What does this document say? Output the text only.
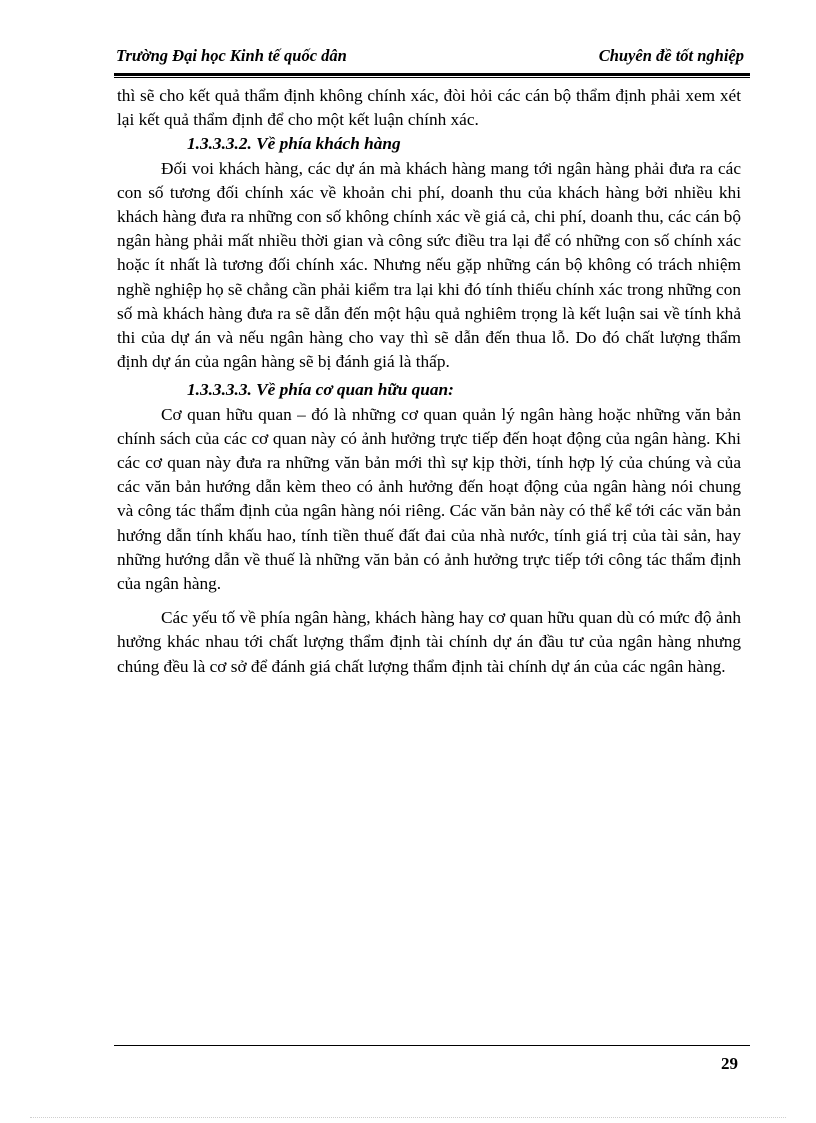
Trường Đại học Kinh tế quốc dân	Chuyên đề tốt nghiệp

thì sẽ cho kết quả thẩm định không chính xác, đòi hỏi các cán bộ thẩm định phải xem xét lại kết quả thẩm định để cho một kết luận chính xác.

1.3.3.3.2. Về phía khách hàng

Đối voi khách hàng, các dự án mà khách hàng mang tới ngân hàng phải đưa ra các con số tương đối chính xác về khoản chi phí, doanh thu của khách hàng bởi nhiều khi khách hàng đưa ra những con số không chính xác về giá cả, chi phí, doanh thu, các cán bộ ngân hàng phải mất nhiều thời gian và công sức điều tra lại để có những con số chính xác hoặc ít nhất là tương đối chính xác. Nhưng nếu gặp những cán bộ không có trách nhiệm nghề nghiệp họ sẽ chẳng cần phải kiểm tra lại khi đó tính thiếu chính xác trong những con số mà khách hàng đưa ra sẽ dẫn đến một hậu quả nghiêm trọng là kết luận sai về tính khả thi của dự án và nếu ngân hàng cho vay thì sẽ dẫn đến thua lỗ. Do đó chất lượng thẩm định dự án của ngân hàng sẽ bị đánh giá là thấp.

1.3.3.3.3. Về phía cơ quan hữu quan:

Cơ quan hữu quan – đó là những cơ quan quản lý ngân hàng hoặc những văn bản chính sách của các cơ quan này có ảnh hưởng trực tiếp đến hoạt động của ngân hàng. Khi các cơ quan này đưa ra những văn bản mới thì sự kịp thời, tính hợp lý của chúng và của các văn bản hướng dẫn kèm theo có ảnh hưởng đến hoạt động của ngân hàng nói chung và công tác thẩm định của ngân hàng nói riêng. Các văn bản này có thể kể tới các văn bản hướng dẫn tính khấu hao, tính tiền thuế đất đai của nhà nước, tính giá trị của tài sản, hay những hướng dẫn về thuế là những văn bản có ảnh hưởng trực tiếp tới công tác thẩm định của ngân hàng.

Các yếu tố về phía ngân hàng, khách hàng hay cơ quan hữu quan dù có mức độ ảnh hưởng khác nhau tới chất lượng thẩm định tài chính dự án đầu tư của ngân hàng nhưng chúng đều là cơ sở để đánh giá chất lượng thẩm định tài chính dự án của các ngân hàng.

29
